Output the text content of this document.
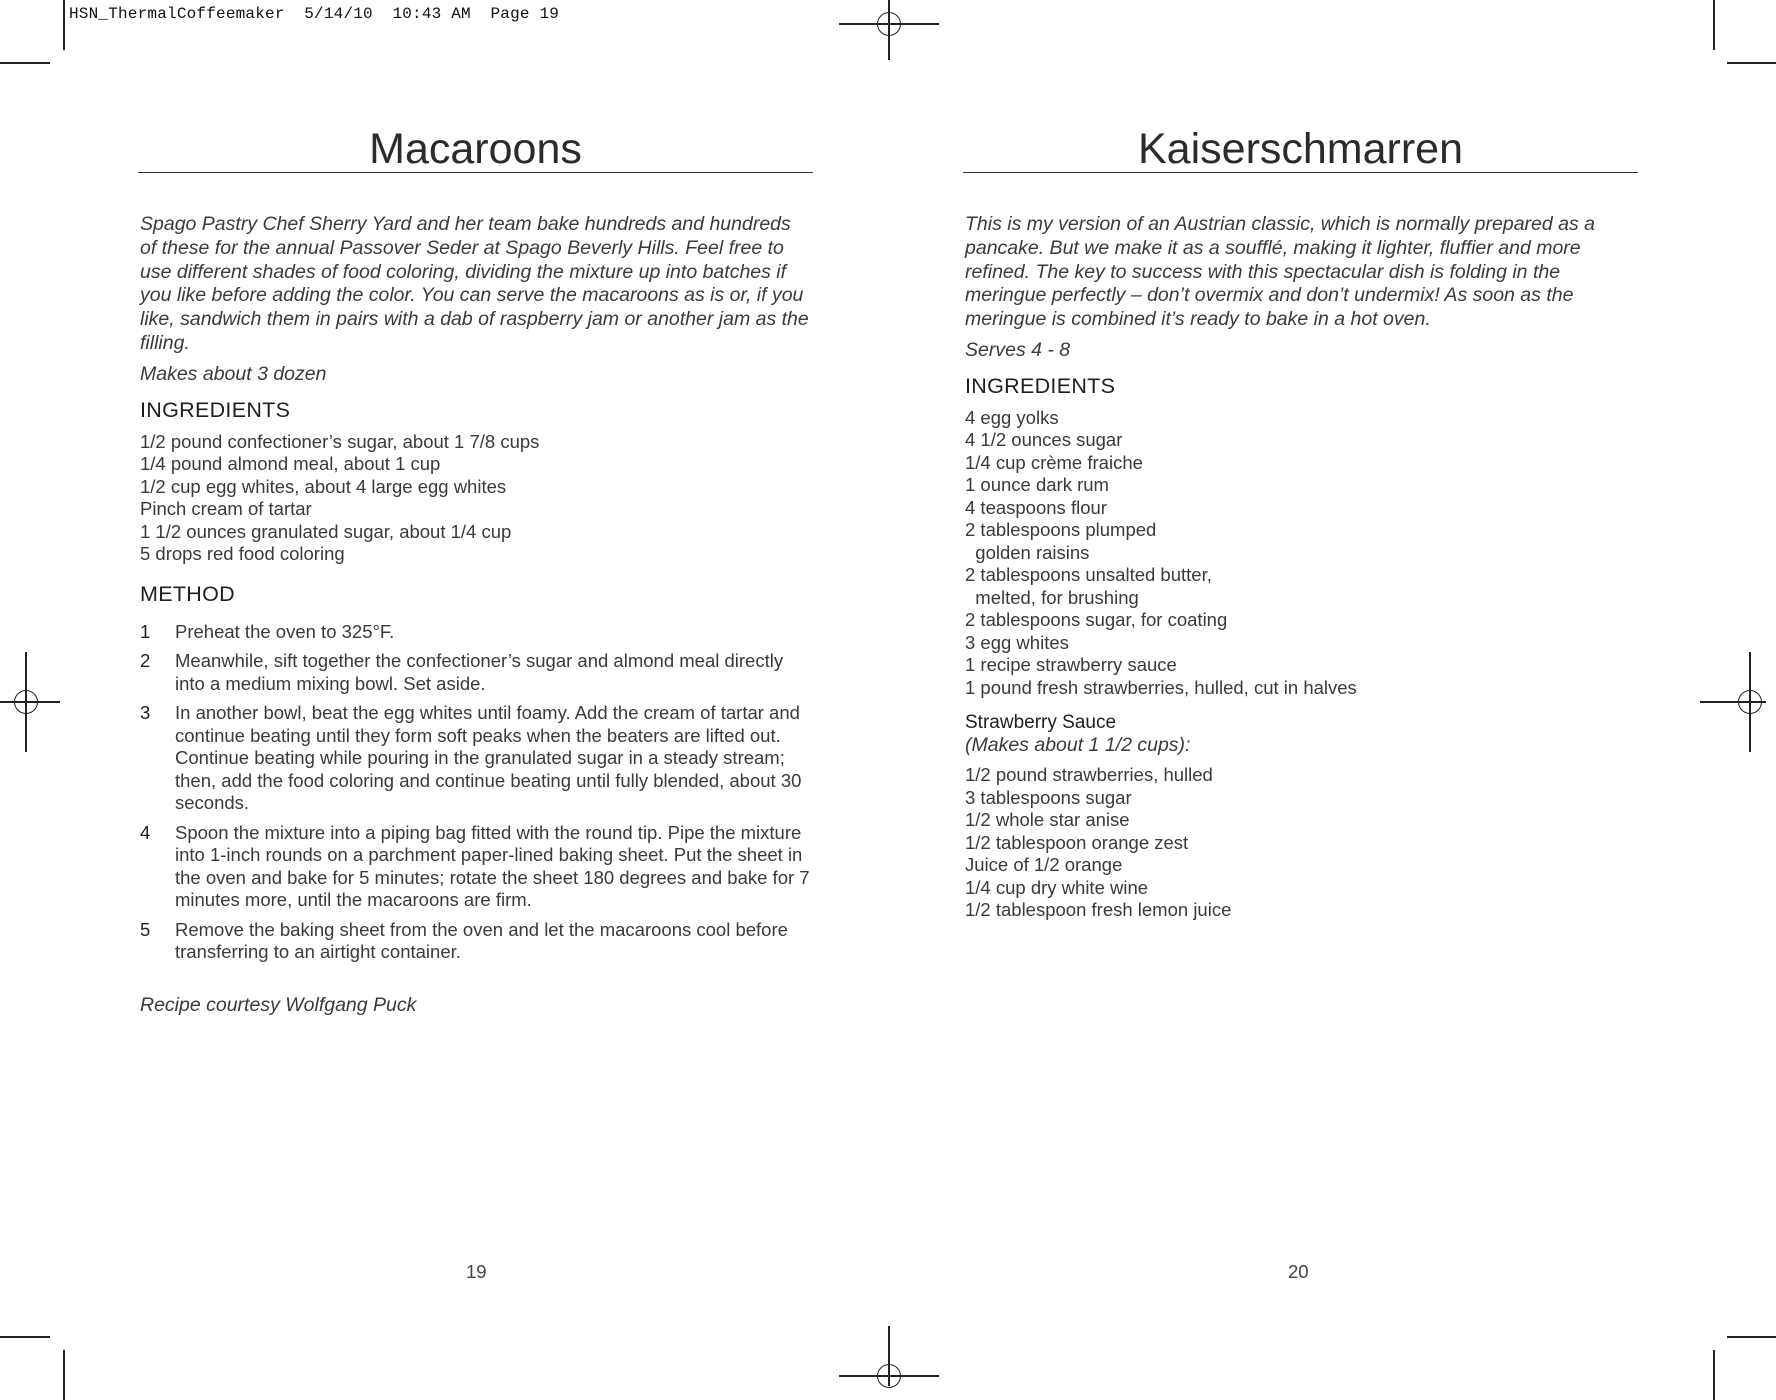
HSN_ThermalCoffeemaker  5/14/10  10:43 AM  Page 19
Macaroons

Spago Pastry Chef Sherry Yard and her team bake hundreds and hundreds of these for the annual Passover Seder at Spago Beverly Hills. Feel free to use different shades of food coloring, dividing the mixture up into batches if you like before adding the color. You can serve the macaroons as is or, if you like, sandwich them in pairs with a dab of raspberry jam or another jam as the filling.

Makes about 3 dozen

INGREDIENTS
1/2 pound confectioner’s sugar, about 1 7/8 cups
1/4 pound almond meal, about 1 cup
1/2 cup egg whites, about 4 large egg whites
Pinch cream of tartar
1 1/2 ounces granulated sugar, about 1/4 cup
5 drops red food coloring
METHOD
1	Preheat the oven to 325°F.
2	Meanwhile, sift together the confectioner’s sugar and almond meal directly into a medium mixing bowl. Set aside.
3	In another bowl, beat the egg whites until foamy. Add the cream of tartar and continue beating until they form soft peaks when the beaters are lifted out. Continue beating while pouring in the granulated sugar in a steady stream; then, add the food coloring and continue beating until fully blended, about 30 seconds.
4	Spoon the mixture into a piping bag fitted with the round tip. Pipe the mixture into 1-inch rounds on a parchment paper-lined baking sheet. Put the sheet in the oven and bake for 5 minutes; rotate the sheet 180 degrees and bake for 7 minutes more, until the macaroons are firm.
5	Remove the baking sheet from the oven and let the macaroons cool before transferring to an airtight container.
Recipe courtesy Wolfgang Puck
19
Kaiserschmarren

This is my version of an Austrian classic, which is normally prepared as a pancake. But we make it as a soufflé, making it lighter, fluffier and more refined. The key to success with this spectacular dish is folding in the meringue perfectly – don’t overmix and don’t undermix! As soon as the meringue is combined it’s ready to bake in a hot oven.

Serves 4 - 8

INGREDIENTS
4 egg yolks
4 1/2 ounces sugar
1/4 cup crème fraiche
1 ounce dark rum
4 teaspoons flour
2 tablespoons plumped
golden raisins
2 tablespoons unsalted butter,
melted, for brushing
2 tablespoons sugar, for coating
3 egg whites
1 recipe strawberry sauce
1 pound fresh strawberries, hulled, cut in halves
Strawberry Sauce
(Makes about 1 1/2 cups):
1/2 pound strawberries, hulled
3 tablespoons sugar
1/2 whole star anise
1/2 tablespoon orange zest
Juice of 1/2 orange
1/4 cup dry white wine
1/2 tablespoon fresh lemon juice
20
